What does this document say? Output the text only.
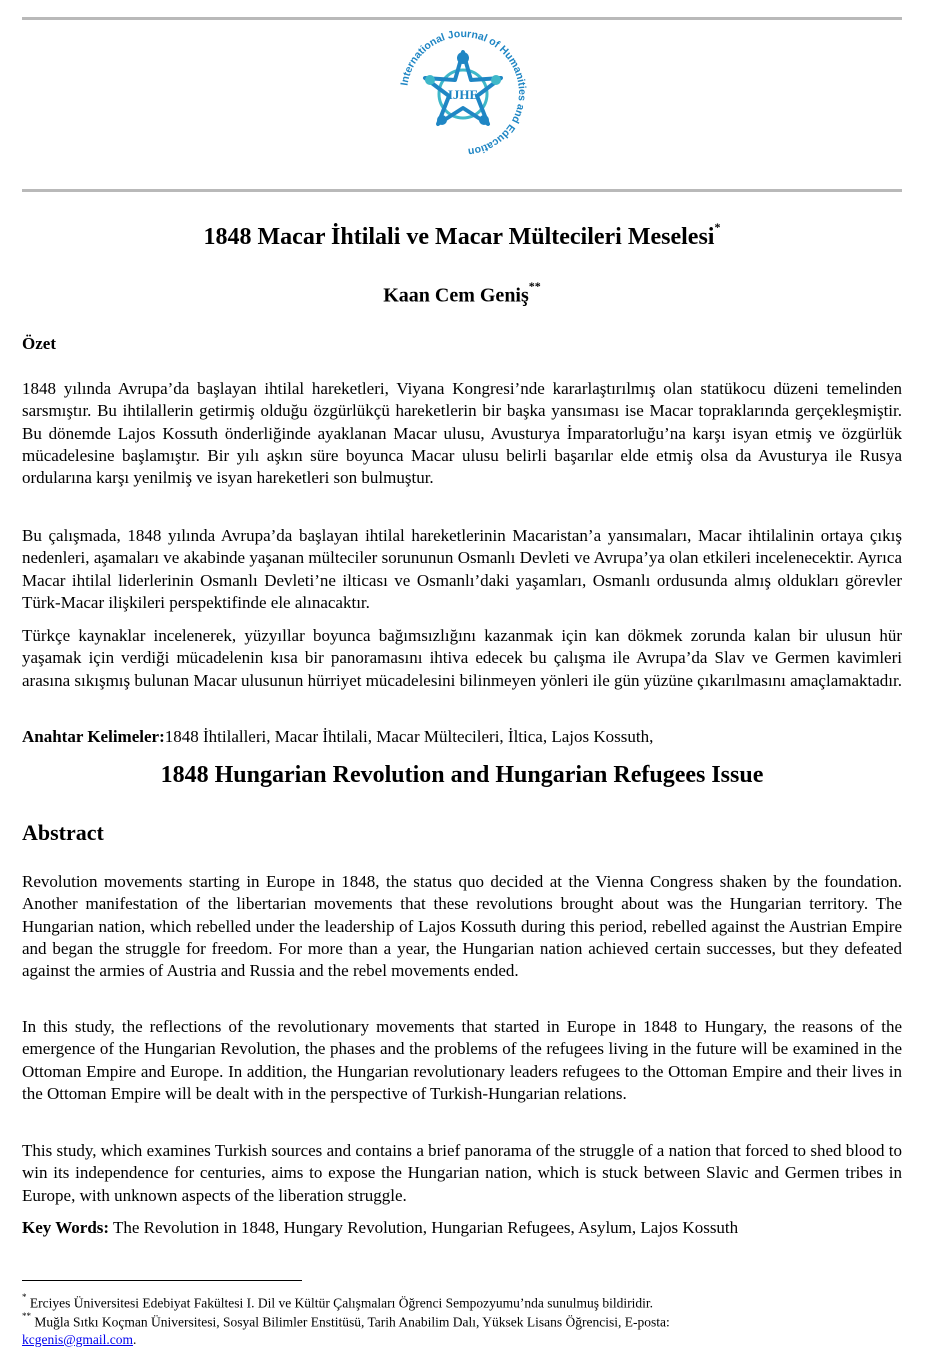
International Journal of Humanities and Education
IJHE
1848 Macar İhtilali ve Macar Mültecileri Meselesi*
Kaan Cem Geniş**
Özet

1848 yılında Avrupa’da başlayan ihtilal hareketleri, Viyana Kongresi’nde kararlaştırılmış olan statükocu düzeni temelinden sarsmıştır. Bu ihtilallerin getirmiş olduğu özgürlükçü hareketlerin bir başka yansıması ise Macar topraklarında gerçekleşmiştir. Bu dönemde Lajos Kossuth önderliğinde ayaklanan Macar ulusu, Avusturya İmparatorluğu’na karşı isyan etmiş ve özgürlük mücadelesine başlamıştır. Bir yılı aşkın süre boyunca Macar ulusu belirli başarılar elde etmiş olsa da Avusturya ile Rusya ordularına karşı yenilmiş ve isyan hareketleri son bulmuştur.

Bu çalışmada, 1848 yılında Avrupa’da başlayan ihtilal hareketlerinin Macaristan’a yansımaları, Macar ihtilalinin ortaya çıkış nedenleri, aşamaları ve akabinde yaşanan mülteciler sorununun Osmanlı Devleti ve Avrupa’ya olan etkileri incelenecektir. Ayrıca Macar ihtilal liderlerinin Osmanlı Devleti’ne ilticası ve Osmanlı’daki yaşamları, Osmanlı ordusunda almış oldukları görevler Türk-Macar ilişkileri perspektifinde ele alınacaktır.

Türkçe kaynaklar incelenerek, yüzyıllar boyunca bağımsızlığını kazanmak için kan dökmek zorunda kalan bir ulusun hür yaşamak için verdiği mücadelenin kısa bir panoramasını ihtiva edecek bu çalışma ile Avrupa’da Slav ve Germen kavimleri arasına sıkışmış bulunan Macar ulusunun hürriyet mücadelesini bilinmeyen yönleri ile gün yüzüne çıkarılmasını amaçlamaktadır.

Anahtar Kelimeler:1848 İhtilalleri, Macar İhtilali, Macar Mültecileri, İltica, Lajos Kossuth,
1848 Hungarian Revolution and Hungarian Refugees Issue
Abstract

Revolution movements starting in Europe in 1848, the status quo decided at the Vienna Congress shaken by the foundation. Another manifestation of the libertarian movements that these revolutions brought about was the Hungarian territory. The Hungarian nation, which rebelled under the leadership of Lajos Kossuth during this period, rebelled against the Austrian Empire and began the struggle for freedom. For more than a year, the Hungarian nation achieved certain successes, but they defeated against the armies of Austria and Russia and the rebel movements ended.

In this study, the reflections of the revolutionary movements that started in Europe in 1848 to Hungary, the reasons of the emergence of the Hungarian Revolution, the phases and the problems of the refugees living in the future will be examined in the Ottoman Empire and Europe. In addition, the Hungarian revolutionary leaders refugees to the Ottoman Empire and their lives in the Ottoman Empire will be dealt with in the perspective of Turkish-Hungarian relations.

This study, which examines Turkish sources and contains a brief panorama of the struggle of a nation that forced to shed blood to win its independence for centuries, aims to expose the Hungarian nation, which is stuck between Slavic and Germen tribes in Europe, with unknown aspects of the liberation struggle.

Key Words: The Revolution in 1848, Hungary Revolution, Hungarian Refugees, Asylum, Lajos Kossuth
* Erciyes Üniversitesi Edebiyat Fakültesi I. Dil ve Kültür Çalışmaları Öğrenci Sempozyumu’nda sunulmuş bildiridir.
** Muğla Sıtkı Koçman Üniversitesi, Sosyal Bilimler Enstitüsü, Tarih Anabilim Dalı, Yüksek Lisans Öğrencisi, E-posta:
kcgenis@gmail.com.
